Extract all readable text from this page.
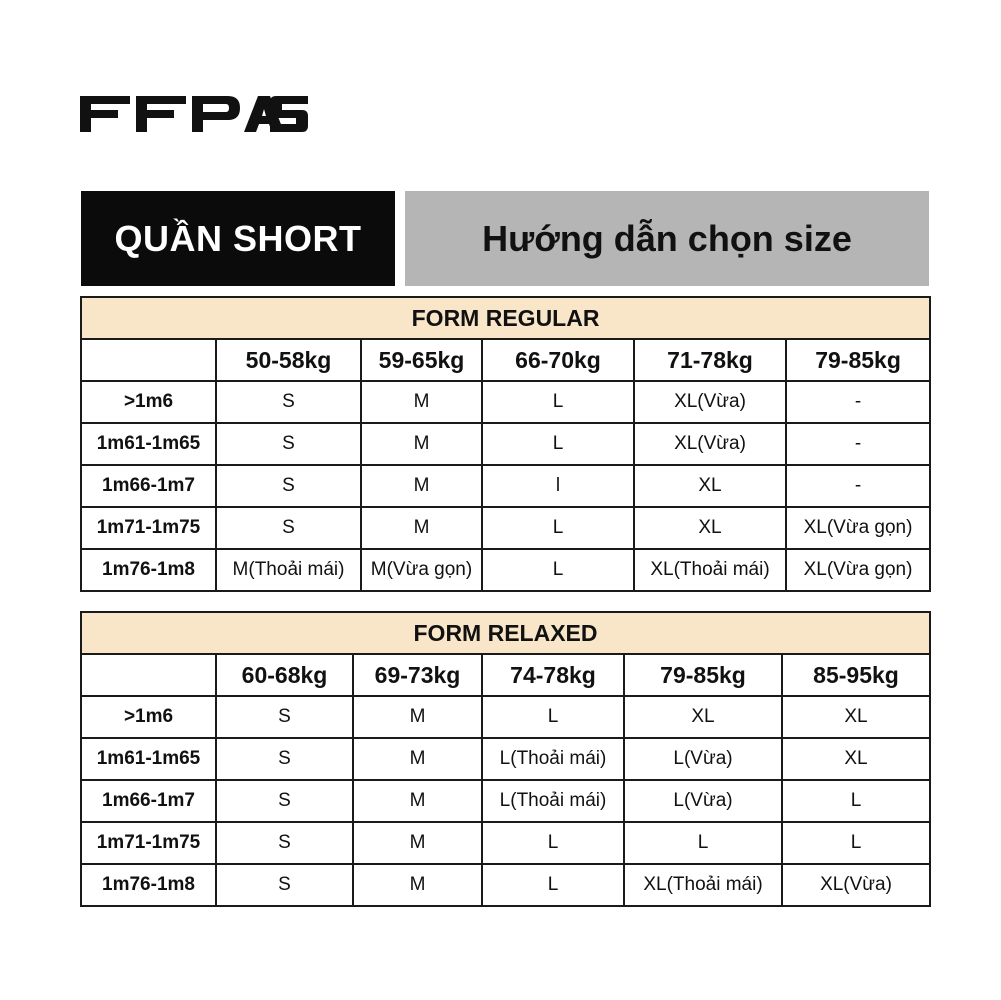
QUẦN SHORT	Hướng dẫn chọn size
FORM REGULAR					
	50-58kg	59-65kg	66-70kg	71-78kg	79-85kg
>1m6	S	M	L	XL(Vừa)	-
1m61-1m65	S	M	L	XL(Vừa)	-
1m66-1m7	S	M	l	XL	-
1m71-1m75	S	M	L	XL	XL(Vừa gọn)
1m76-1m8	M(Thoải mái)	M(Vừa gọn)	L	XL(Thoải mái)	XL(Vừa gọn)
FORM RELAXED					
	60-68kg	69-73kg	74-78kg	79-85kg	85-95kg
>1m6	S	M	L	XL	XL
1m61-1m65	S	M	L(Thoải mái)	L(Vừa)	XL
1m66-1m7	S	M	L(Thoải mái)	L(Vừa)	L
1m71-1m75	S	M	L	L	L
1m76-1m8	S	M	L	XL(Thoải mái)	XL(Vừa)
